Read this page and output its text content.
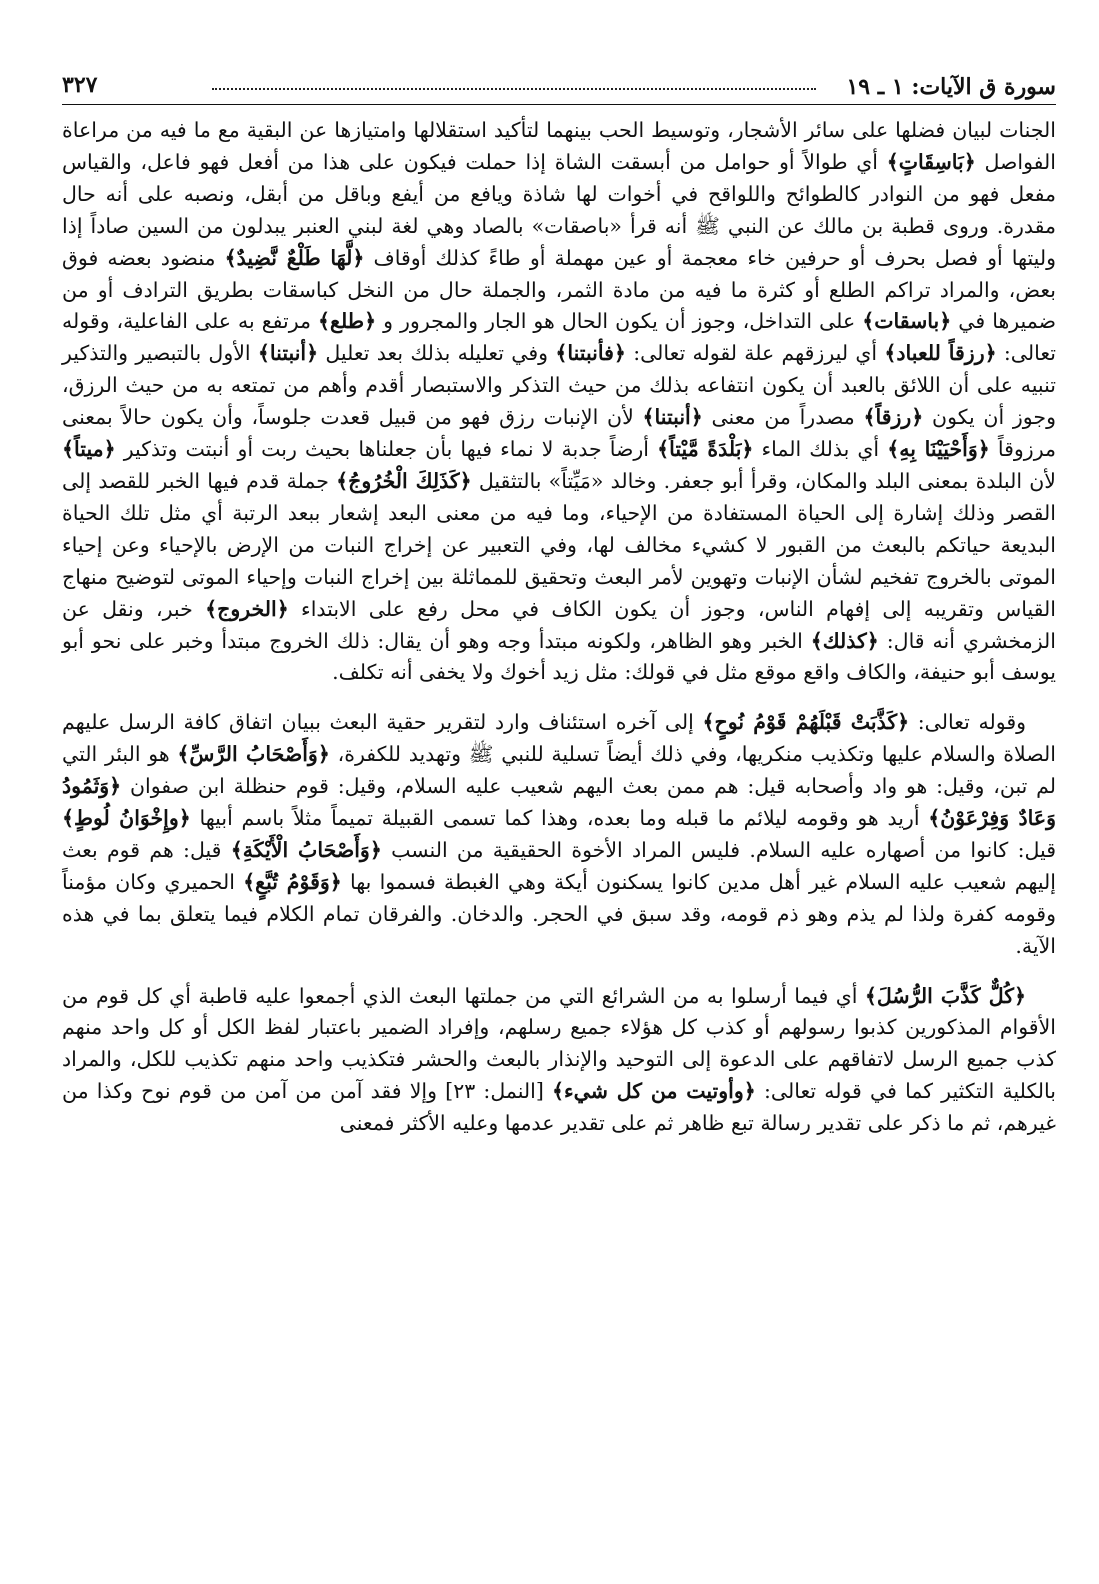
سورة ق الآيات: ١ ـ ١٩
٣٢٧

الجنات لبيان فضلها على سائر الأشجار، وتوسيط الحب بينهما لتأكيد استقلالها وامتيازها عن البقية مع ما فيه من مراعاة الفواصل ﴿بَاسِقَاتٍ﴾ أي طوالاً أو حوامل من أبسقت الشاة إذا حملت فيكون على هذا من أفعل فهو فاعل، والقياس مفعل فهو من النوادر كالطوائح واللواقح في أخوات لها شاذة ويافع من أيفع وباقل من أبقل، ونصبه على أنه حال مقدرة. وروى قطبة بن مالك عن النبي ﷺ أنه قرأ «باصقات» بالصاد وهي لغة لبني العنبر يبدلون من السين صاداً إذا وليتها أو فصل بحرف أو حرفين خاء معجمة أو عين مهملة أو طاءً كذلك أوقاف ﴿لَّهَا طَلْعٌ نَّضِيدٌ﴾ منضود بعضه فوق بعض، والمراد تراكم الطلع أو كثرة ما فيه من مادة الثمر، والجملة حال من النخل كباسقات بطريق الترادف أو من ضميرها في ﴿باسقات﴾ على التداخل، وجوز أن يكون الحال هو الجار والمجرور و ﴿طلع﴾ مرتفع به على الفاعلية، وقوله تعالى: ﴿رزقاً للعباد﴾ أي ليرزقهم علة لقوله تعالى: ﴿فأنبتنا﴾ وفي تعليله بذلك بعد تعليل ﴿أنبتنا﴾ الأول بالتبصير والتذكير تنبيه على أن اللائق بالعبد أن يكون انتفاعه بذلك من حيث التذكر والاستبصار أقدم وأهم من تمتعه به من حيث الرزق، وجوز أن يكون ﴿رزقاً﴾ مصدراً من معنى ﴿أنبتنا﴾ لأن الإنبات رزق فهو من قبيل قعدت جلوساً، وأن يكون حالاً بمعنى مرزوقاً ﴿وَأَحْيَيْنَا بِهِ﴾ أي بذلك الماء ﴿بَلْدَةً مَّيْتاً﴾ أرضاً جدبة لا نماء فيها بأن جعلناها بحيث ربت أو أنبتت وتذكير ﴿ميتاً﴾ لأن البلدة بمعنى البلد والمكان، وقرأ أبو جعفر. وخالد «مَيِّتاً» بالتثقيل ﴿كَذَلِكَ الْخُرُوجُ﴾ جملة قدم فيها الخبر للقصد إلى القصر وذلك إشارة إلى الحياة المستفادة من الإحياء، وما فيه من معنى البعد إشعار ببعد الرتبة أي مثل تلك الحياة البديعة حياتكم بالبعث من القبور لا كشيء مخالف لها، وفي التعبير عن إخراج النبات من الإرض بالإحياء وعن إحياء الموتى بالخروج تفخيم لشأن الإنبات وتهوين لأمر البعث وتحقيق للمماثلة بين إخراج النبات وإحياء الموتى لتوضيح منهاج القياس وتقريبه إلى إفهام الناس، وجوز أن يكون الكاف في محل رفع على الابتداء ﴿الخروج﴾ خبر، ونقل عن الزمخشري أنه قال: ﴿كذلك﴾ الخبر وهو الظاهر، ولكونه مبتدأ وجه وهو أن يقال: ذلك الخروج مبتدأ وخبر على نحو أبو يوسف أبو حنيفة، والكاف واقع موقع مثل في قولك: مثل زيد أخوك ولا يخفى أنه تكلف.

وقوله تعالى: ﴿كَذَّبَتْ قَبْلَهُمْ قَوْمُ نُوحٍ﴾ إلى آخره استئناف وارد لتقرير حقية البعث ببيان اتفاق كافة الرسل عليهم الصلاة والسلام عليها وتكذيب منكريها، وفي ذلك أيضاً تسلية للنبي ﷺ وتهديد للكفرة، ﴿وَأَصْحَابُ الرَّسِّ﴾ هو البئر التي لم تبن، وقيل: هو واد وأصحابه قيل: هم ممن بعث اليهم شعيب عليه السلام، وقيل: قوم حنظلة ابن صفوان ﴿وَثَمُودُ وَعَادٌ وَفِرْعَوْنُ﴾ أريد هو وقومه ليلائم ما قبله وما بعده، وهذا كما تسمى القبيلة تميماً مثلاً باسم أبيها ﴿وإِخْوَانُ لُوطٍ﴾ قيل: كانوا من أصهاره عليه السلام. فليس المراد الأخوة الحقيقية من النسب ﴿وَأَصْحَابُ الْأَيْكَةِ﴾ قيل: هم قوم بعث إليهم شعيب عليه السلام غير أهل مدين كانوا يسكنون أيكة وهي الغبطة فسموا بها ﴿وَقَوْمُ تُبَّعٍ﴾ الحميري وكان مؤمناً وقومه كفرة ولذا لم يذم وهو ذم قومه، وقد سبق في الحجر. والدخان. والفرقان تمام الكلام فيما يتعلق بما في هذه الآية.

﴿كُلٌّ كَذَّبَ الرُّسُلَ﴾ أي فيما أرسلوا به من الشرائع التي من جملتها البعث الذي أجمعوا عليه قاطبة أي كل قوم من الأقوام المذكورين كذبوا رسولهم أو كذب كل هؤلاء جميع رسلهم، وإفراد الضمير باعتبار لفظ الكل أو كل واحد منهم كذب جميع الرسل لاتفاقهم على الدعوة إلى التوحيد والإنذار بالبعث والحشر فتكذيب واحد منهم تكذيب للكل، والمراد بالكلية التكثير كما في قوله تعالى: ﴿وأوتيت من كل شيء﴾ [النمل: ٢٣] وإلا فقد آمن من آمن من قوم نوح وكذا من غيرهم، ثم ما ذكر على تقدير رسالة تبع ظاهر ثم على تقدير عدمها وعليه الأكثر فمعنى
